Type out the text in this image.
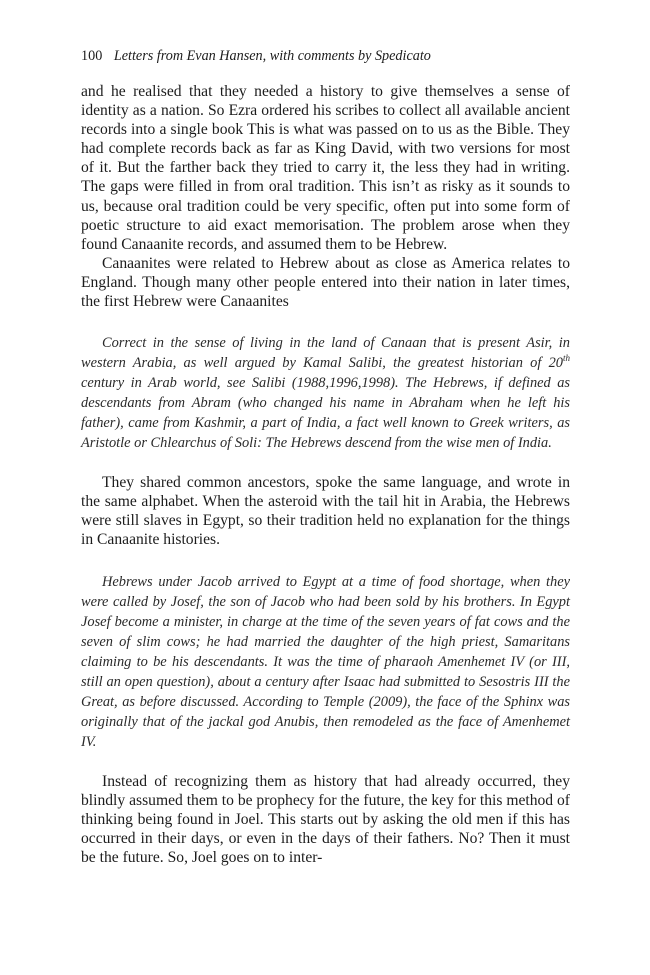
100 Letters from Evan Hansen, with comments by Spedicato

and he realised that they needed a history to give themselves a sense of identity as a nation. So Ezra ordered his scribes to collect all available ancient records into a single book This is what was passed on to us as the Bible. They had complete records back as far as King David, with two versions for most of it. But the farther back they tried to carry it, the less they had in writing. The gaps were filled in from oral tradition. This isn’t as risky as it sounds to us, because oral tradition could be very specific, often put into some form of poetic structure to aid exact memorisation. The problem arose when they found Canaanite records, and assumed them to be Hebrew.

Canaanites were related to Hebrew about as close as America relates to England. Though many other people entered into their nation in later times, the first Hebrew were Canaanites

Correct in the sense of living in the land of Canaan that is present Asir, in western Arabia, as well argued by Kamal Salibi, the greatest historian of 20th century in Arab world, see Salibi (1988,1996,1998). The Hebrews, if defined as descendants from Abram (who changed his name in Abraham when he left his father), came from Kashmir, a part of India, a fact well known to Greek writers, as Aristotle or Chlearchus of Soli: The Hebrews descend from the wise men of India.

They shared common ancestors, spoke the same language, and wrote in the same alphabet. When the asteroid with the tail hit in Arabia, the Hebrews were still slaves in Egypt, so their tradition held no explanation for the things in Canaanite histories.

Hebrews under Jacob arrived to Egypt at a time of food shortage, when they were called by Josef, the son of Jacob who had been sold by his brothers. In Egypt Josef become a minister, in charge at the time of the seven years of fat cows and the seven of slim cows; he had married the daughter of the high priest, Samaritans claiming to be his descendants. It was the time of pharaoh Amenhemet IV (or III, still an open question), about a century after Isaac had submitted to Sesostris III the Great, as before discussed. According to Temple (2009), the face of the Sphinx was originally that of the jackal god Anubis, then remodeled as the face of Amenhemet IV.

Instead of recognizing them as history that had already occurred, they blindly assumed them to be prophecy for the future, the key for this method of thinking being found in Joel. This starts out by asking the old men if this has occurred in their days, or even in the days of their fathers. No? Then it must be the future. So, Joel goes on to inter-
